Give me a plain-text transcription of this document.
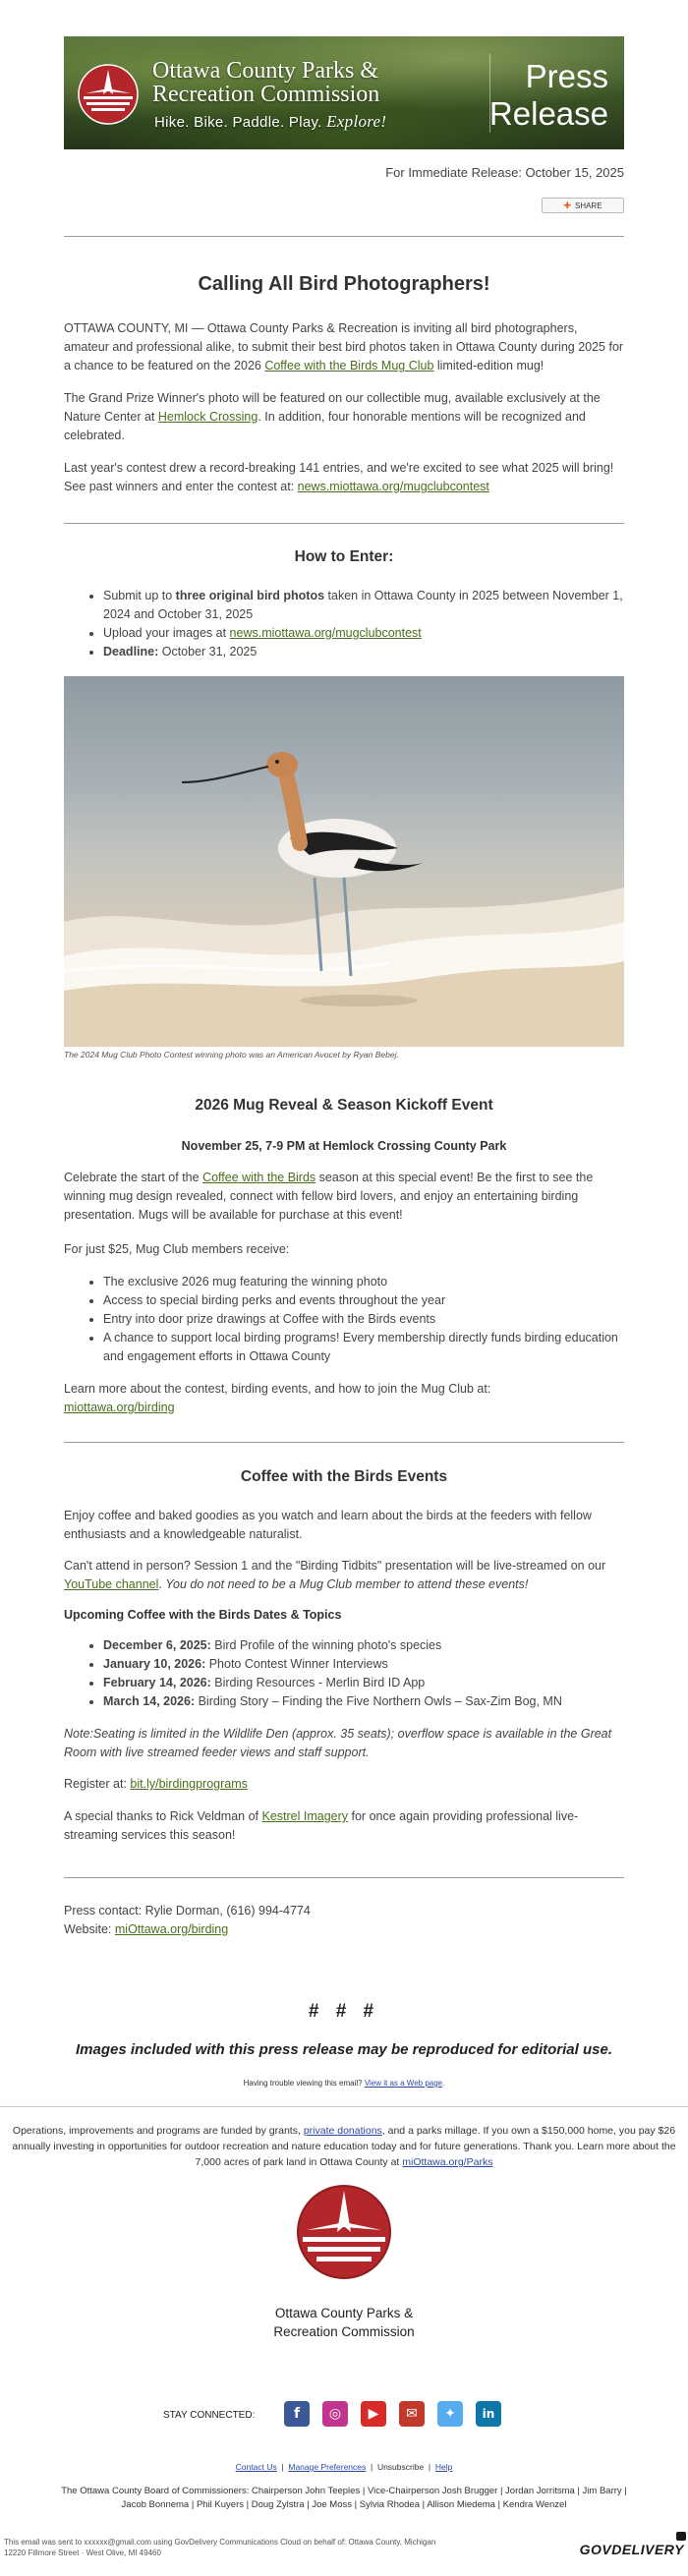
Ottawa County Parks & Recreation Commission
Hike. Bike. Paddle. Play. Explore!
Press
Release
For Immediate Release: October 15, 2025
✚ SHARE
Calling All Bird Photographers!

OTTAWA COUNTY, MI — Ottawa County Parks & Recreation is inviting all bird photographers, amateur and professional alike, to submit their best bird photos taken in Ottawa County during 2025 for a chance to be featured on the 2026 Coffee with the Birds Mug Club limited-edition mug!

The Grand Prize Winner's photo will be featured on our collectible mug, available exclusively at the Nature Center at Hemlock Crossing. In addition, four honorable mentions will be recognized and celebrated.

Last year's contest drew a record-breaking 141 entries, and we're excited to see what 2025 will bring! See past winners and enter the contest at: news.miottawa.org/mugclubcontest

How to Enter:
• Submit up to three original bird photos taken in Ottawa County in 2025 between November 1, 2024 and October 31, 2025
• Upload your images at news.miottawa.org/mugclubcontest
• Deadline: October 31, 2025
The 2024 Mug Club Photo Contest winning photo was an American Avocet by Ryan Bebej.
2026 Mug Reveal & Season Kickoff Event
November 25, 7-9 PM at Hemlock Crossing County Park

Celebrate the start of the Coffee with the Birds season at this special event! Be the first to see the winning mug design revealed, connect with fellow bird lovers, and enjoy an entertaining birding presentation. Mugs will be available for purchase at this event!

For just $25, Mug Club members receive:

• The exclusive 2026 mug featuring the winning photo
• Access to special birding perks and events throughout the year
• Entry into door prize drawings at Coffee with the Birds events
• A chance to support local birding programs! Every membership directly funds birding education and engagement efforts in Ottawa County

Learn more about the contest, birding events, and how to join the Mug Club at:
miottawa.org/birding

Coffee with the Birds Events

Enjoy coffee and baked goodies as you watch and learn about the birds at the feeders with fellow enthusiasts and a knowledgeable naturalist.

Can't attend in person? Session 1 and the "Birding Tidbits" presentation will be live-streamed on our YouTube channel. You do not need to be a Mug Club member to attend these events!

Upcoming Coffee with the Birds Dates & Topics
• December 6, 2025: Bird Profile of the winning photo's species
• January 10, 2026: Photo Contest Winner Interviews
• February 14, 2026: Birding Resources - Merlin Bird ID App
• March 14, 2026: Birding Story – Finding the Five Northern Owls – Sax-Zim Bog, MN

Note:Seating is limited in the Wildlife Den (approx. 35 seats); overflow space is available in the Great Room with live streamed feeder views and staff support.

Register at: bit.ly/birdingprograms

A special thanks to Rick Veldman of Kestrel Imagery for once again providing professional live-streaming services this season!

Press contact: Rylie Dorman, (616) 994-4774

Website: miOttawa.org/birding

# # #
Images included with this press release may be reproduced for editorial use.
Having trouble viewing this email? View it as a Web page.
Operations, improvements and programs are funded by grants, private donations, and a parks millage. If you own a $150,000 home, you pay $26 annually investing in opportunities for outdoor recreation and nature education today and for future generations. Thank you. Learn more about the 7,000 acres of park land in Ottawa County at miOttawa.org/Parks
Ottawa County Parks &
Recreation Commission
STAY CONNECTED:	f	◎	▶	✉	✦	in
Contact Us  |  Manage Preferences  |  Unsubscribe  |  Help
The Ottawa County Board of Commissioners: Chairperson John Teeples | Vice-Chairperson Josh Brugger | Jordan Jorritsma | Jim Barry |
Jacob Bonnema | Phil Kuyers | Doug Zylstra | Joe Moss | Sylvia Rhodea | Allison Miedema | Kendra Wenzel
This email was sent to xxxxxx@gmail.com using GovDelivery Communications Cloud on behalf of: Ottawa County, Michigan
12220 Fillmore Street · West Olive, MI 49460	GOVDELIVERY
